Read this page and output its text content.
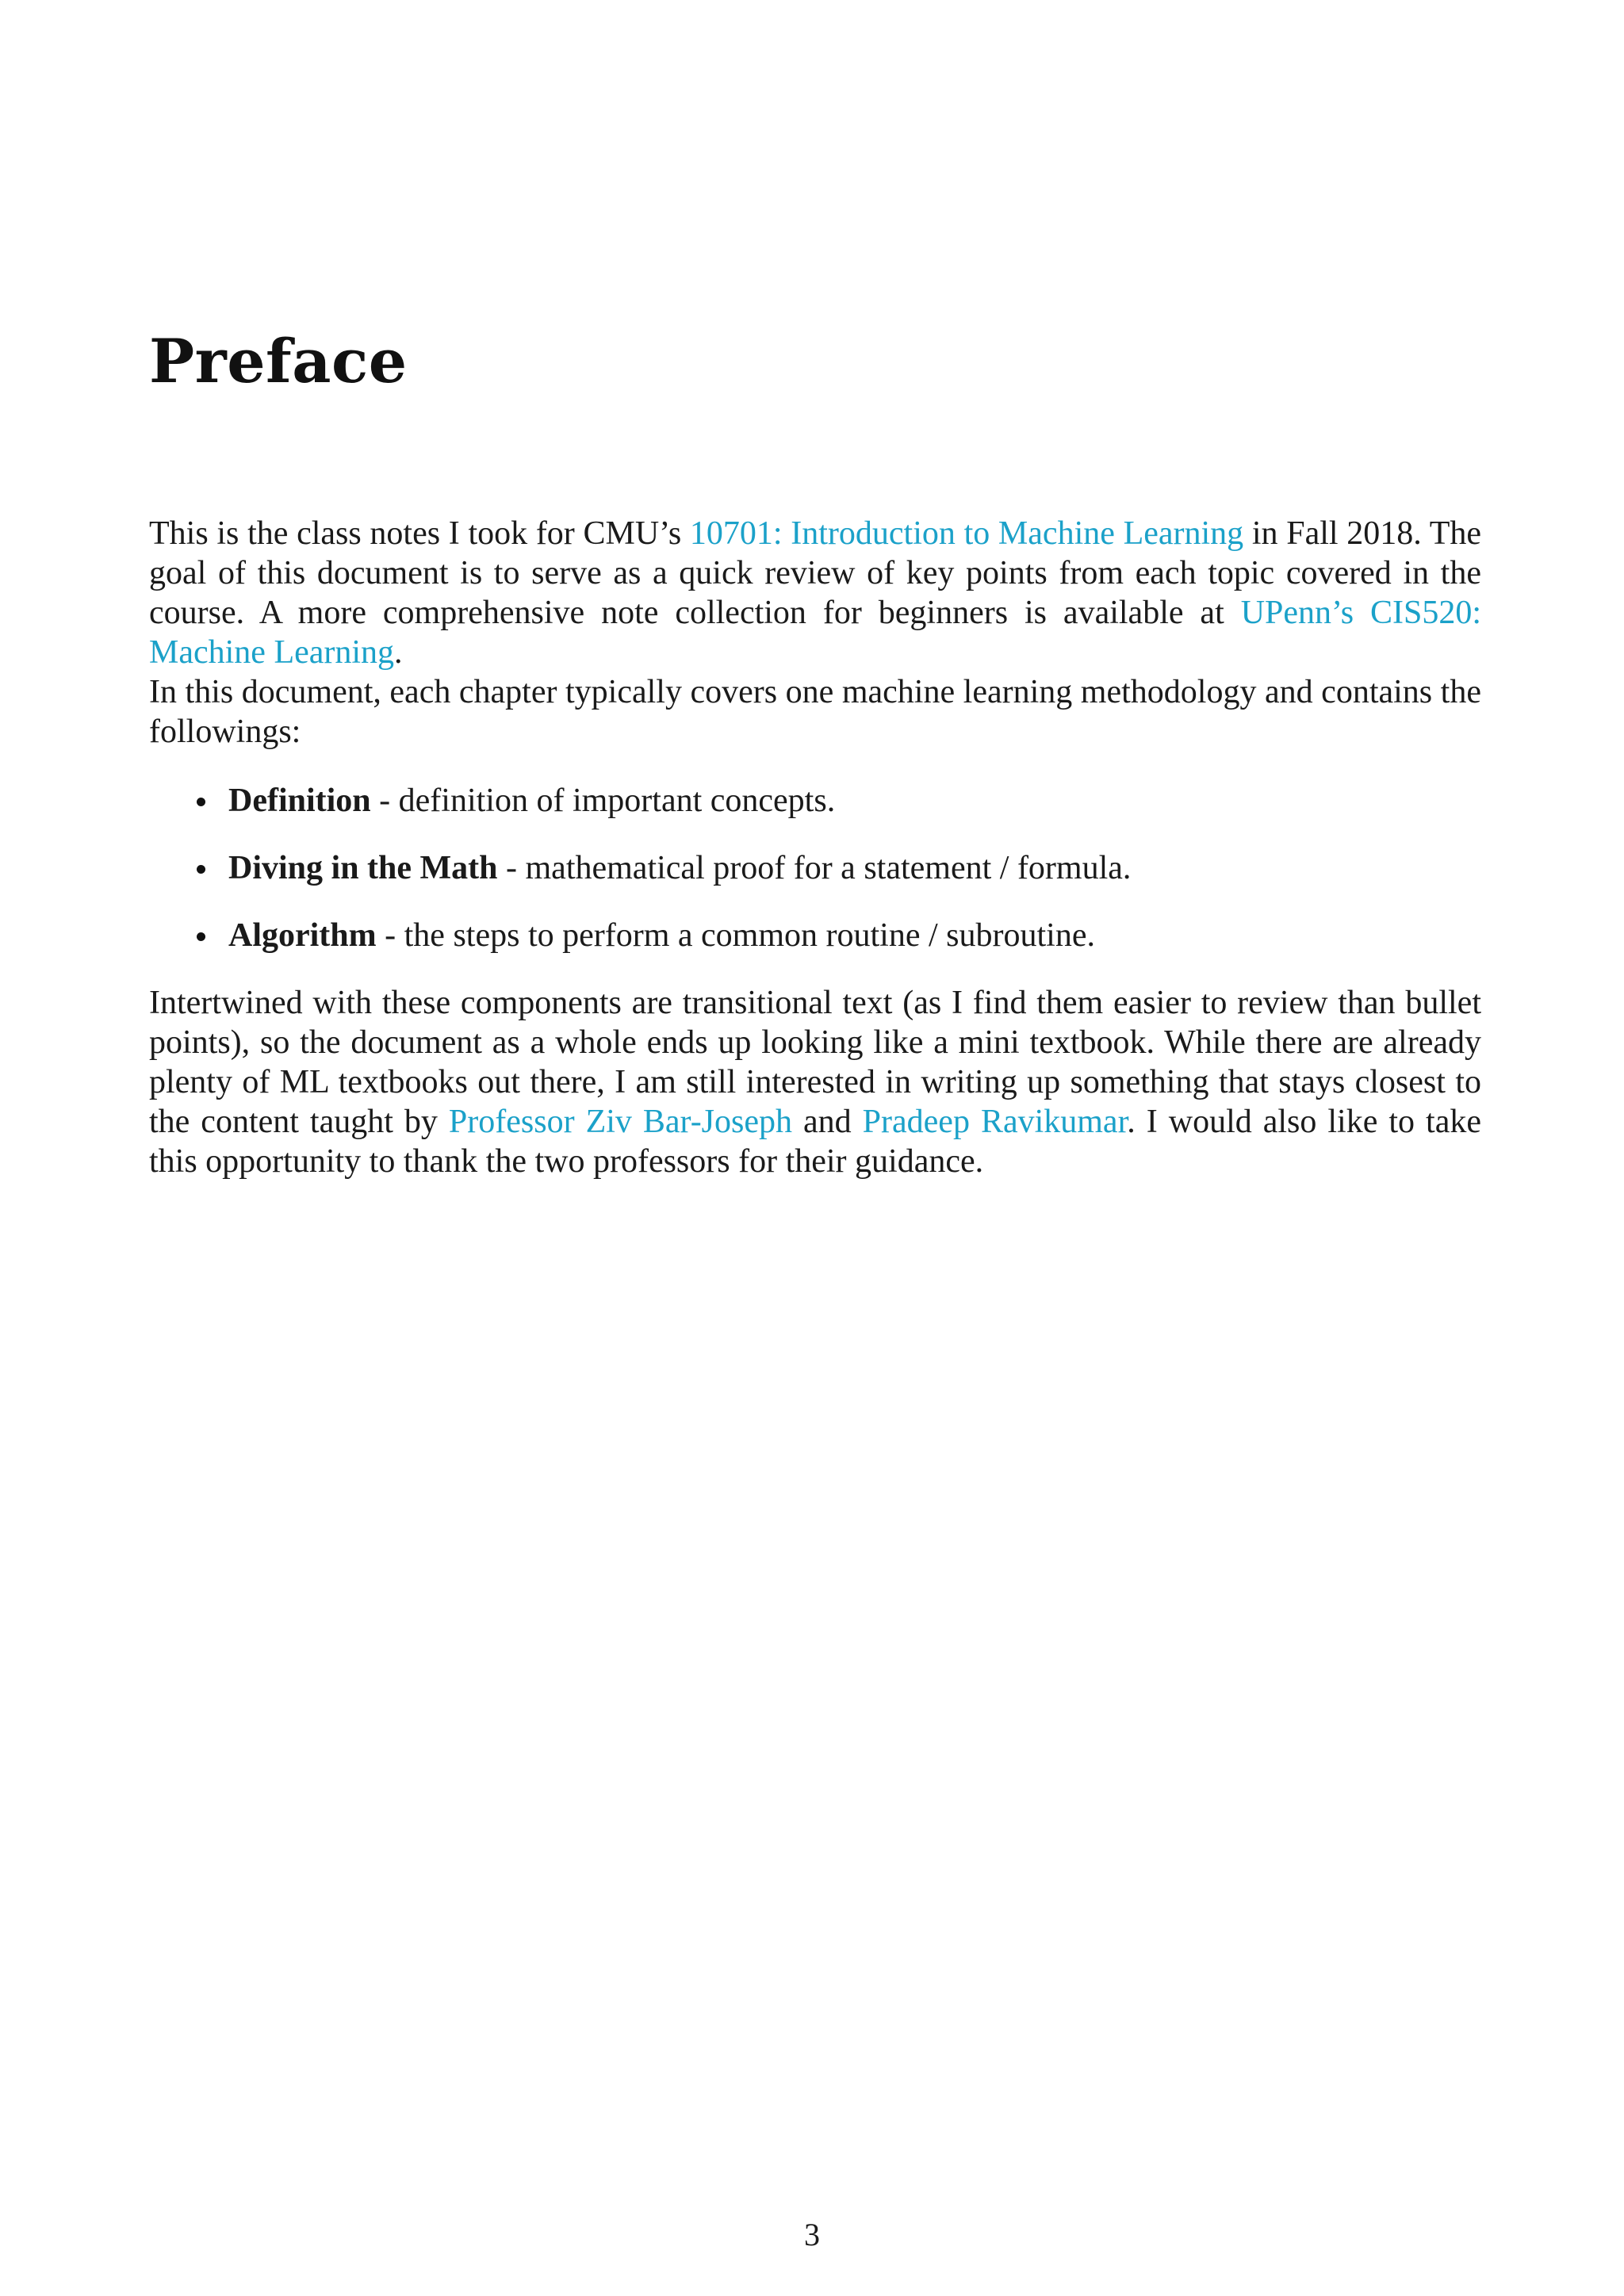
Preface

This is the class notes I took for CMU’s 10701: Introduction to Machine Learning in Fall 2018. The goal of this document is to serve as a quick review of key points from each topic covered in the course. A more comprehensive note collection for beginners is available at UPenn’s CIS520: Machine Learning.

In this document, each chapter typically covers one machine learning methodology and contains the followings:

Definition - definition of important concepts.
Diving in the Math - mathematical proof for a statement / formula.
Algorithm - the steps to perform a common routine / subroutine.

Intertwined with these components are transitional text (as I find them easier to review than bullet points), so the document as a whole ends up looking like a mini textbook. While there are already plenty of ML textbooks out there, I am still interested in writing up something that stays closest to the content taught by Professor Ziv Bar-Joseph and Pradeep Ravikumar. I would also like to take this opportunity to thank the two professors for their guidance.

3
